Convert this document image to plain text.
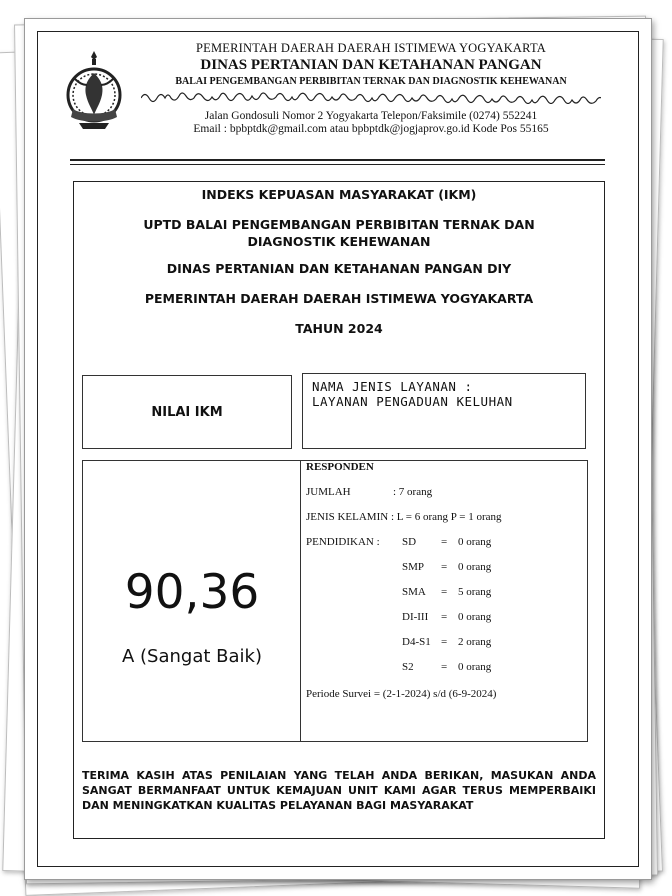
PEMERINTAH DAERAH DAERAH ISTIMEWA YOGYAKARTA
DINAS PERTANIAN DAN KETAHANAN PANGAN
BALAI PENGEMBANGAN PERBIBITAN TERNAK DAN DIAGNOSTIK KEHEWANAN
Jalan Gondosuli Nomor 2 Yogyakarta Telepon/Faksimile (0274) 552241
Email : bpbptdk@gmail.com atau bpbptdk@jogjaprov.go.id Kode Pos 55165
INDEKS KEPUASAN MASYARAKAT (IKM)
UPTD BALAI PENGEMBANGAN PERBIBITAN TERNAK DAN DIAGNOSTIK KEHEWANAN
DINAS PERTANIAN DAN KETAHANAN PANGAN DIY
PEMERINTAH DAERAH DAERAH ISTIMEWA YOGYAKARTA
TAHUN 2024
NILAI IKM
NAMA JENIS LAYANAN :
LAYANAN PENGADUAN KELUHAN
90,36
A (Sangat Baik)
RESPONDEN
JUMLAH	: 7 orang
JENIS KELAMIN : L = 6 orang P = 1 orang
PENDIDIKAN : SD = 0 orang
SMP = 0 orang
SMA = 5 orang
DI-III = 0 orang
D4-S1 = 2 orang
S2 = 0 orang
Periode Survei = (2-1-2024) s/d (6-9-2024)
TERIMA KASIH ATAS PENILAIAN YANG TELAH ANDA BERIKAN, MASUKAN ANDA SANGAT BERMANFAAT UNTUK KEMAJUAN UNIT KAMI AGAR TERUS MEMPERBAIKI DAN MENINGKATKAN KUALITAS PELAYANAN BAGI MASYARAKAT
